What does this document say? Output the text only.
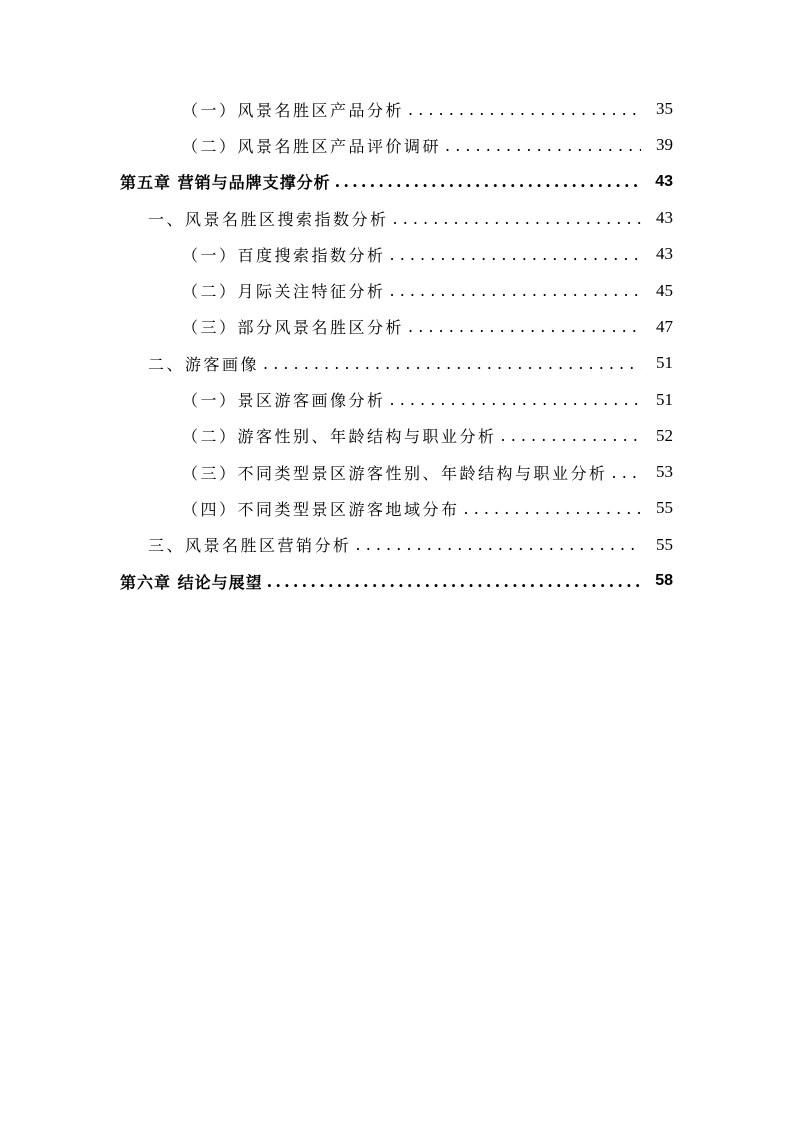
（一）风景名胜区产品分析 . . .	35
（二）风景名胜区产品评价调研 . . .	39
第五章 营销与品牌支撑分析 .....	43
一、风景名胜区搜索指数分析 . . .	43
（一）百度搜索指数分析 . . .	43
（二）月际关注特征分析 . . .	45
（三）部分风景名胜区分析 . . .	47
二、游客画像 . . .	51
（一）景区游客画像分析 . . .	51
（二）游客性别、年龄结构与职业分析 . . .	52
（三）不同类型景区游客性别、年龄结构与职业分析 . . .	53
（四）不同类型景区游客地域分布 . . .	55
三、风景名胜区营销分析 . . .	55
第六章 结论与展望 .....	58
